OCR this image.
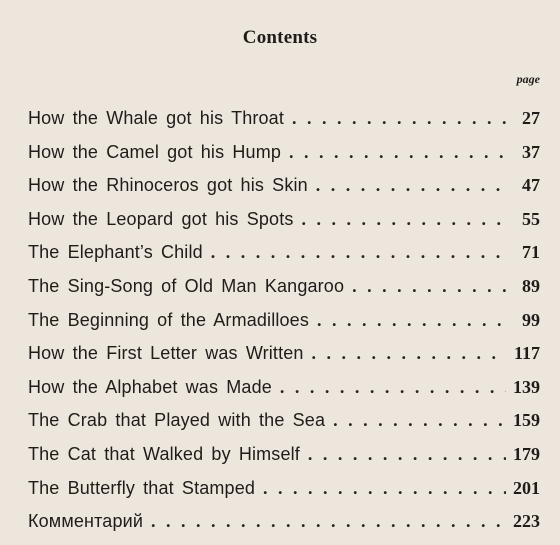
Contents
page
How the Whale got his Throat . . .	27
How the Camel got his Hump . . .	37
How the Rhinoceros got his Skin . . .	47
How the Leopard got his Spots . . .	55
The Elephant’s Child . . .	71
The Sing-Song of Old Man Kangaroo . . .	89
The Beginning of the Armadilloes . . .	99
How the First Letter was Written . . .	117
How the Alphabet was Made . . .	139
The Crab that Played with the Sea . . .	159
The Cat that Walked by Himself . . .	179
The Butterfly that Stamped . . .	201
Комментарий . . .	223
